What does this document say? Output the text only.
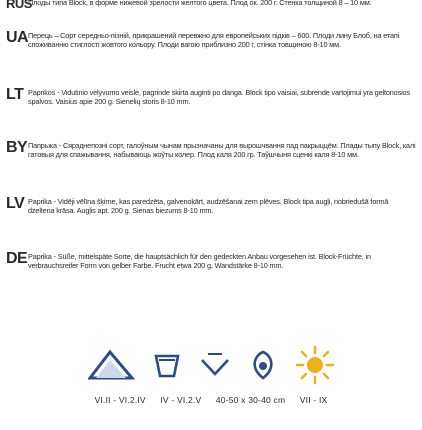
RUS
Плоды типа Block, в форме нижевой зрелости желтого цвета. Плод ок. 200 г. Стенка толщиной 8 – 10 мм.
UA Перець – Сорт середньо-пізній, прикрашений перевжно для европейських підків – 600. Плоди лину Блоб, на етапі споживанню стиглості жовтого кольору. Плоди вагою приблизно 200 г, стінка товщиною 8-10 мм.
LT Paprikos - Vidutinio vėlyvumo veislė, pagrinde skirta auginti po danga. Block tipo vaisiai, subrende vartojimui yra geltonosios spalvos. Vaisius apie 200 g. Sienelių storis 8-10 mm.
BY Папрыка - Сярэднепозні сорт, галоўным чынам прызначаны для вырошчвання пад пакрыццём. Плады тыпу Block, калі гатовыя для спажывання, набываюць жоўты колер. Плод каля 200 гр. Таўшчыня сценкі каля 8-10 мм.
LV Paprika - Vidēji vēlīna šķirne, kas paredzēta, galvenokārt, audzēšanai zem plēves. Block tipa augļi, nobriedušā formā dzeltena krāsa. Augļis apt. 200 g. Sienas biezums 8-10 mm.
DE Paprika - Süße, mittelspäte Sorte, die hauptsächlich für den gedeckten Anbau vorgesehen ist. Block-Früchte, in verbrauchsreifer Form von gelber Farbe. Frucht etwa 200 g, Wandstärke 8-10 mm.
VI.II - VI.2.IV IV - VI.2.V 40-50 x 30-40 cm VII - IX
